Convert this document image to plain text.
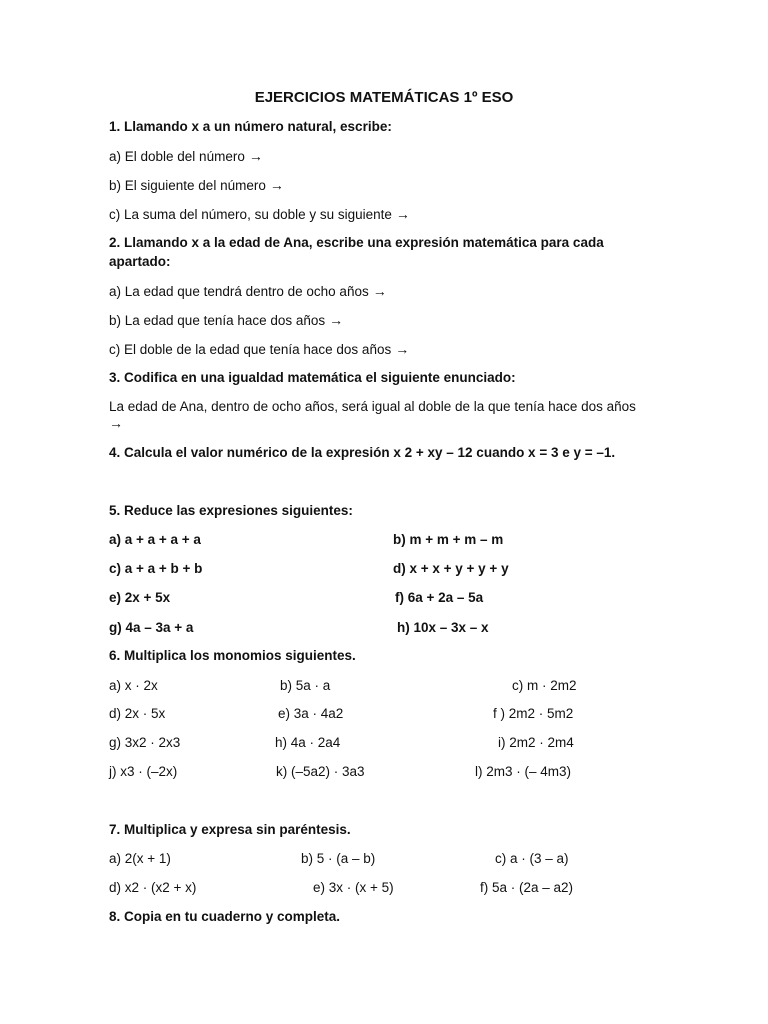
EJERCICIOS MATEMÁTICAS 1º ESO
1. Llamando x a un número natural, escribe:
a) El doble del número →
b) El siguiente del número →
c) La suma del número, su doble y su siguiente →
2. Llamando x a la edad de Ana, escribe una expresión matemática para cada
apartado:
a) La edad que tendrá dentro de ocho años →
b) La edad que tenía hace dos años →
c) El doble de la edad que tenía hace dos años →
3. Codifica en una igualdad matemática el siguiente enunciado:
La edad de Ana, dentro de ocho años, será igual al doble de la que tenía hace dos años
→
4. Calcula el valor numérico de la expresión x 2 + xy – 12 cuando x = 3 e y = –1.
5. Reduce las expresiones siguientes:
a) a + a + a + a	b) m + m + m – m
c) a + a + b + b	d) x + x + y + y + y
e) 2x + 5x	f) 6a + 2a – 5a
g) 4a – 3a + a	h) 10x – 3x – x
6. Multiplica los monomios siguientes.
a) x · 2x	b) 5a · a	c) m · 2m2
d) 2x · 5x	e) 3a · 4a2	f ) 2m2 · 5m2
g) 3x2 · 2x3	h) 4a · 2a4	i) 2m2 · 2m4
j) x3 · (–2x)	k) (–5a2) · 3a3	l) 2m3 · (– 4m3)
7. Multiplica y expresa sin paréntesis.
a) 2(x + 1)	b) 5 · (a – b)	c) a · (3 – a)
d) x2 · (x2 + x)	e) 3x · (x + 5)	f) 5a · (2a – a2)
8. Copia en tu cuaderno y completa.
